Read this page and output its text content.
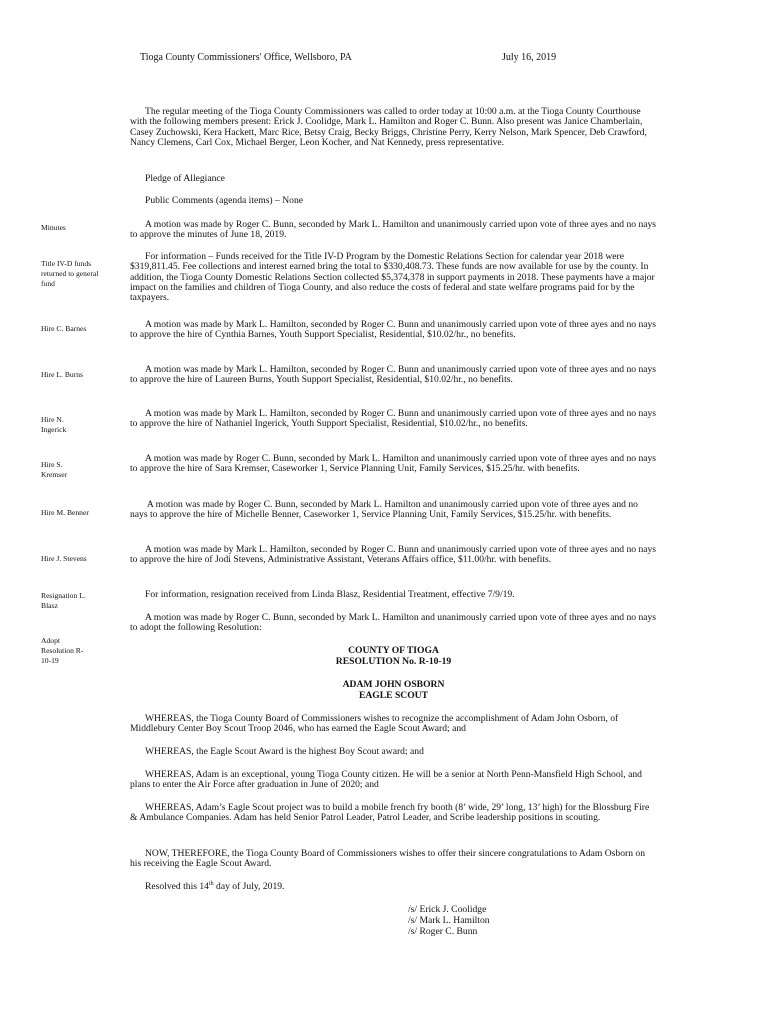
Tioga County Commissioners' Office, Wellsboro, PA	July 16, 2019
The regular meeting of the Tioga County Commissioners was called to order today at 10:00 a.m. at the Tioga County Courthouse with the following members present: Erick J. Coolidge, Mark L. Hamilton and Roger C. Bunn. Also present was Janice Chamberlain, Casey Zuchowski, Kera Hackett, Marc Rice, Betsy Craig, Becky Briggs, Christine Perry, Kerry Nelson, Mark Spencer, Deb Crawford, Nancy Clemens, Carl Cox, Michael Berger, Leon Kocher, and Nat Kennedy, press representative.
Pledge of Allegiance
Public Comments (agenda items) – None
Minutes	A motion was made by Roger C. Bunn, seconded by Mark L. Hamilton and unanimously carried upon vote of three ayes and no nays to approve the minutes of June 18, 2019.
Title IV-D funds returned to general fund
For information – Funds received for the Title IV-D Program by the Domestic Relations Section for calendar year 2018 were $319,811.45. Fee collections and interest earned bring the total to $330,408.73. These funds are now available for use by the county. In addition, the Tioga County Domestic Relations Section collected $5,374,378 in support payments in 2018. These payments have a major impact on the families and children of Tioga County, and also reduce the costs of federal and state welfare programs paid for by the taxpayers.
Hire C. Barnes	A motion was made by Mark L. Hamilton, seconded by Roger C. Bunn and unanimously carried upon vote of three ayes and no nays to approve the hire of Cynthia Barnes, Youth Support Specialist, Residential, $10.02/hr., no benefits.
Hire L. Burns	A motion was made by Mark L. Hamilton, seconded by Roger C. Bunn and unanimously carried upon vote of three ayes and no nays to approve the hire of Laureen Burns, Youth Support Specialist, Residential, $10.02/hr., no benefits.
Hire N. Ingerick
A motion was made by Mark L. Hamilton, seconded by Roger C. Bunn and unanimously carried upon vote of three ayes and no nays to approve the hire of Nathaniel Ingerick, Youth Support Specialist, Residential, $10.02/hr., no benefits.
Hire S. Kremser
A motion was made by Roger C. Bunn, seconded by Mark L. Hamilton and unanimously carried upon vote of three ayes and no nays to approve the hire of Sara Kremser, Caseworker 1, Service Planning Unit, Family Services, $15.25/hr. with benefits.
Hire M. Benner
A motion was made by Roger C. Bunn, seconded by Mark L. Hamilton and unanimously carried upon vote of three ayes and no nays to approve the hire of Michelle Benner, Caseworker 1, Service Planning Unit, Family Services, $15.25/hr. with benefits.
Hire J. Stevens
A motion was made by Mark L. Hamilton, seconded by Roger C. Bunn and unanimously carried upon vote of three ayes and no nays to approve the hire of Jodi Stevens, Administrative Assistant, Veterans Affairs office, $11.00/hr. with benefits.
Resignation L. Blasz
For information, resignation received from Linda Blasz, Residential Treatment, effective 7/9/19.
Adopt Resolution R-10-19
A motion was made by Roger C. Bunn, seconded by Mark L. Hamilton and unanimously carried upon vote of three ayes and no nays to adopt the following Resolution:
COUNTY OF TIOGA
RESOLUTION No. R-10-19
ADAM JOHN OSBORN
EAGLE SCOUT
WHEREAS, the Tioga County Board of Commissioners wishes to recognize the accomplishment of Adam John Osborn, of Middlebury Center Boy Scout Troop 2046, who has earned the Eagle Scout Award; and
WHEREAS, the Eagle Scout Award is the highest Boy Scout award; and
WHEREAS, Adam is an exceptional, young Tioga County citizen. He will be a senior at North Penn-Mansfield High School, and plans to enter the Air Force after graduation in June of 2020; and
WHEREAS, Adam’s Eagle Scout project was to build a mobile french fry booth (8’ wide, 29’ long, 13’ high) for the Blossburg Fire & Ambulance Companies. Adam has held Senior Patrol Leader, Patrol Leader, and Scribe leadership positions in scouting.
NOW, THEREFORE, the Tioga County Board of Commissioners wishes to offer their sincere congratulations to Adam Osborn on his receiving the Eagle Scout Award.
Resolved this 14th day of July, 2019.
/s/ Erick J. Coolidge
/s/ Mark L. Hamilton
/s/ Roger C. Bunn
